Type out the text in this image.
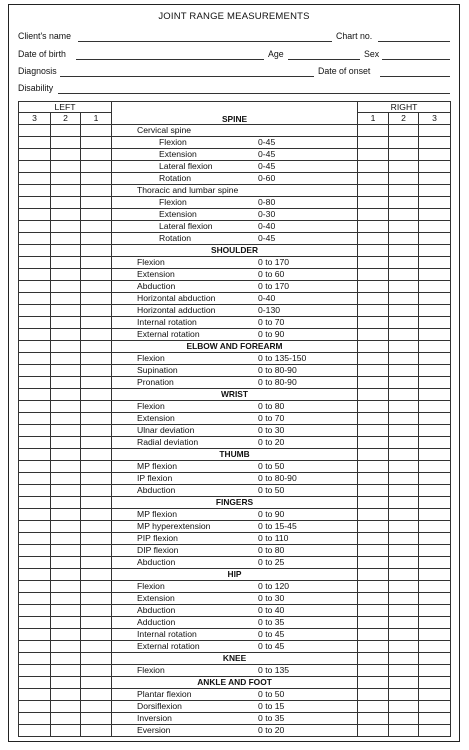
JOINT RANGE MEASUREMENTS
Client's name	Chart no.
Date of birth	Age	Sex
Diagnosis	Date of onset
Disability
LEFT			SPINE	RIGHT		
3	2	1		1	2	3

			Cervical spine			

			Flexion 0-45			

			Extension 0-45			

			Lateral flexion 0-45			

			Rotation 0-60			

			Thoracic and lumbar spine			

			Flexion 0-80			

			Extension 0-30			

			Lateral flexion 0-40			

			Rotation 0-45			

			SHOULDER			

			Flexion 0 to 170			

			Extension 0 to 60			

			Abduction 0 to 170			

			Horizontal abduction 0-40			

			Horizontal adduction 0-130			

			Internal rotation 0 to 70			

			External rotation 0 to 90			

			ELBOW AND FOREARM			

			Flexion 0 to 135-150			

			Supination 0 to 80-90			

			Pronation 0 to 80-90			

			WRIST			

			Flexion 0 to 80			

			Extension 0 to 70			

			Ulnar deviation 0 to 30			

			Radial deviation 0 to 20			

			THUMB			

			MP flexion 0 to 50			

			IP flexion 0 to 80-90			

			Abduction 0 to 50			

			FINGERS			

			MP flexion 0 to 90			

			MP hyperextension 0 to 15-45			

			PIP flexion 0 to 110			

			DIP flexion 0 to 80			

			Abduction 0 to 25			

			HIP			

			Flexion 0 to 120			

			Extension 0 to 30			

			Abduction 0 to 40			

			Adduction 0 to 35			

			Internal rotation 0 to 45			

			External rotation 0 to 45			

			KNEE			

			Flexion 0 to 135			

			ANKLE AND FOOT			

			Plantar flexion 0 to 50			

			Dorsiflexion 0 to 15			

			Inversion 0 to 35			

			Eversion 0 to 20			
